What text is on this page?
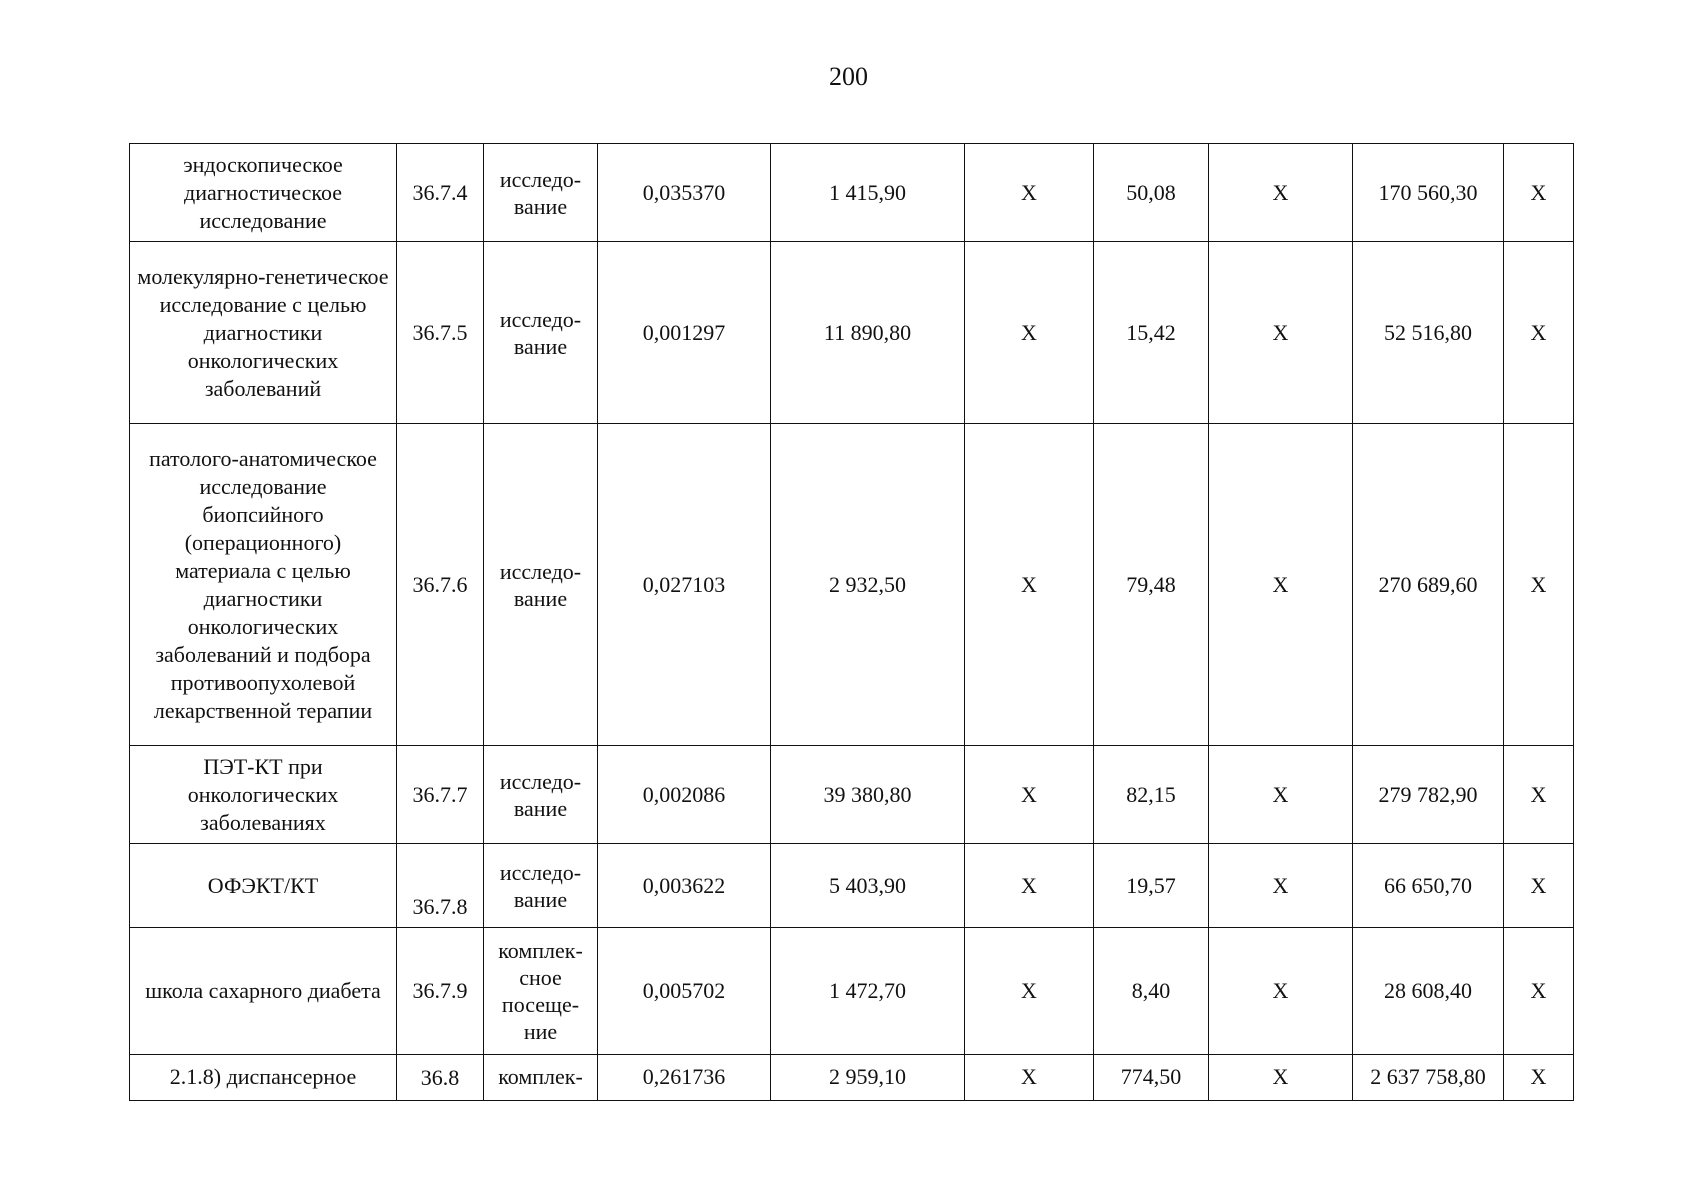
200
эндоскопическое диагностическое исследование	36.7.4	исследо-вание	0,035370	1 415,90	Х	50,08	Х	170 560,30	Х
молекулярно-генетическое исследование с целью диагностики онкологических заболеваний	36.7.5	исследо-вание	0,001297	11 890,80	Х	15,42	Х	52 516,80	Х
патолого-анатомическое исследование биопсийного (операционного) материала с целью диагностики онкологических заболеваний и подбора противоопухолевой лекарственной терапии	36.7.6	исследо-вание	0,027103	2 932,50	Х	79,48	Х	270 689,60	Х
ПЭТ-КТ при онкологических заболеваниях	36.7.7	исследо-вание	0,002086	39 380,80	Х	82,15	Х	279 782,90	Х
ОФЭКТ/КТ	36.7.8	исследо-вание	0,003622	5 403,90	Х	19,57	Х	66 650,70	Х
школа сахарного диабета	36.7.9	комплек-сное посеще-ние	0,005702	1 472,70	Х	8,40	Х	28 608,40	Х
2.1.8) диспансерное	36.8	комплек-	0,261736	2 959,10	Х	774,50	Х	2 637 758,80	Х
